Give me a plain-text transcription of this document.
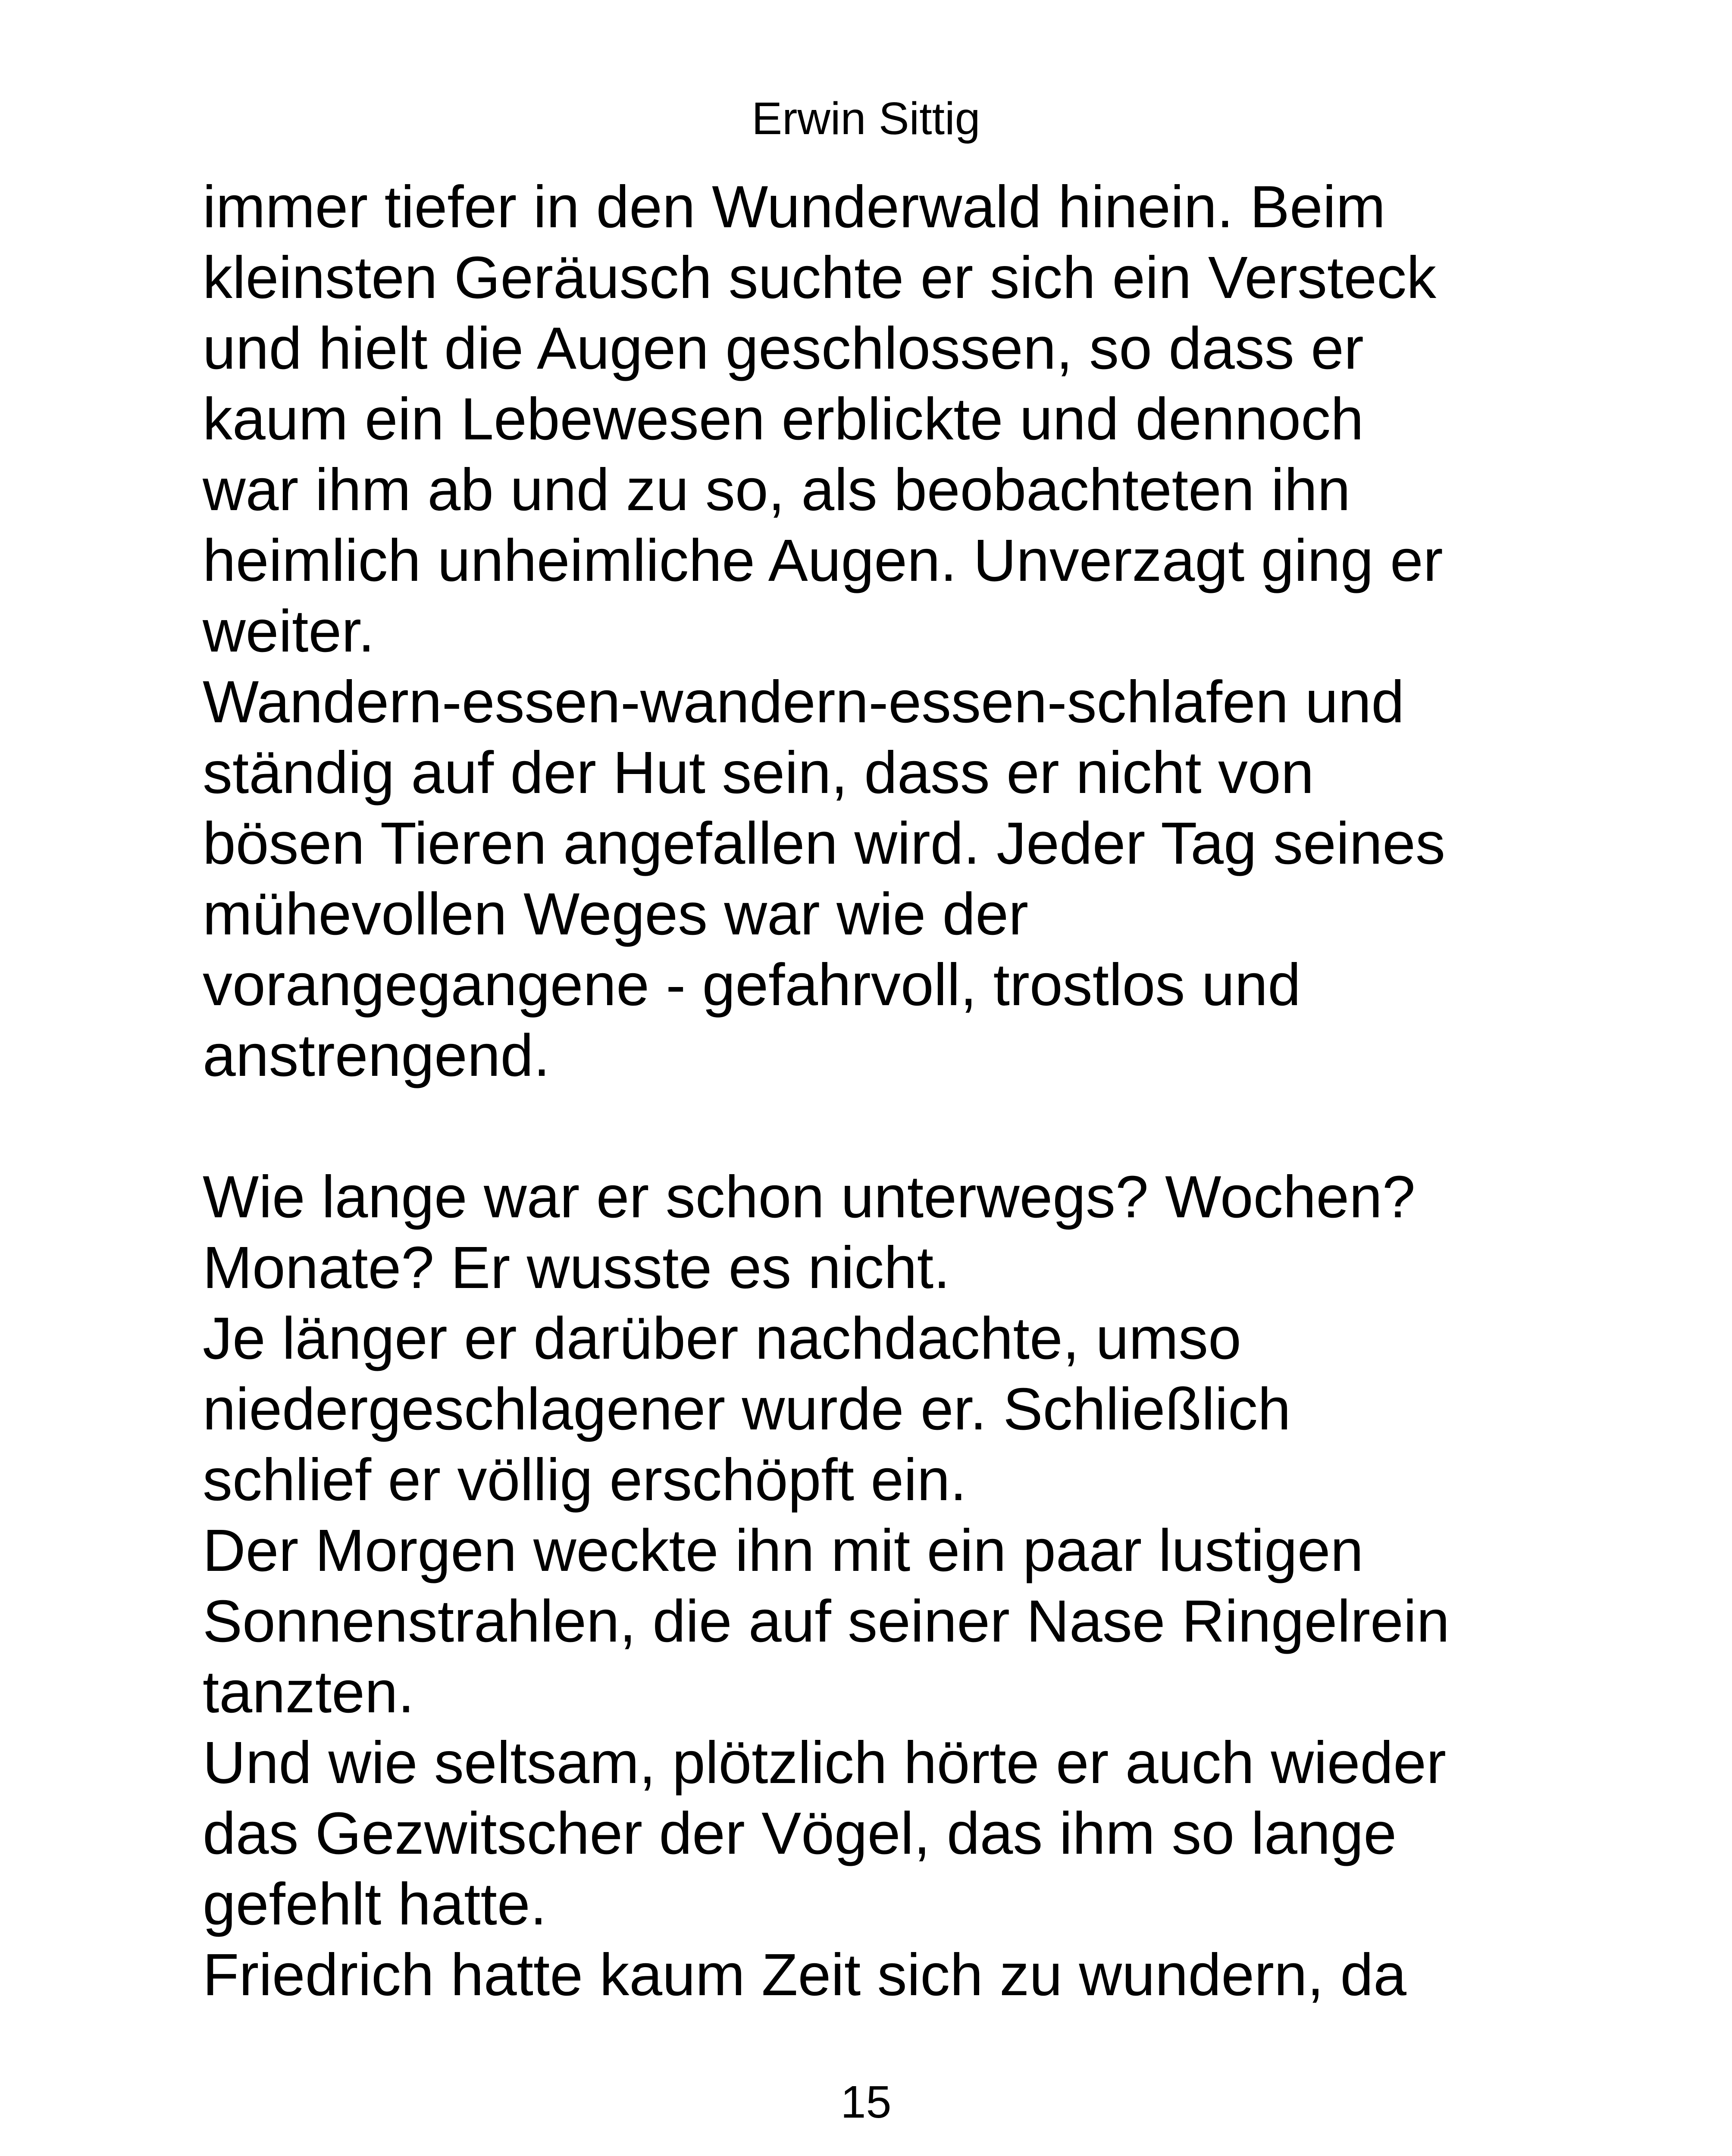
Erwin Sittig
immer tiefer in den Wunderwald hinein. Beim
kleinsten Geräusch suchte er sich ein Versteck
und hielt die Augen geschlossen, so dass er
kaum ein Lebewesen erblickte und dennoch
war ihm ab und zu so, als beobachteten ihn
heimlich unheimliche Augen. Unverzagt ging er
weiter.
Wandern-essen-wandern-essen-schlafen und
ständig auf der Hut sein, dass er nicht von
bösen Tieren angefallen wird. Jeder Tag seines
mühevollen Weges war wie der
vorangegangene - gefahrvoll, trostlos und
anstrengend.
Wie lange war er schon unterwegs? Wochen?
Monate? Er wusste es nicht.
Je länger er darüber nachdachte, umso
niedergeschlagener wurde er. Schließlich
schlief er völlig erschöpft ein.
Der Morgen weckte ihn mit ein paar lustigen
Sonnenstrahlen, die auf seiner Nase Ringelrein
tanzten.
Und wie seltsam, plötzlich hörte er auch wieder
das Gezwitscher der Vögel, das ihm so lange
gefehlt hatte.
Friedrich hatte kaum Zeit sich zu wundern, da
15
